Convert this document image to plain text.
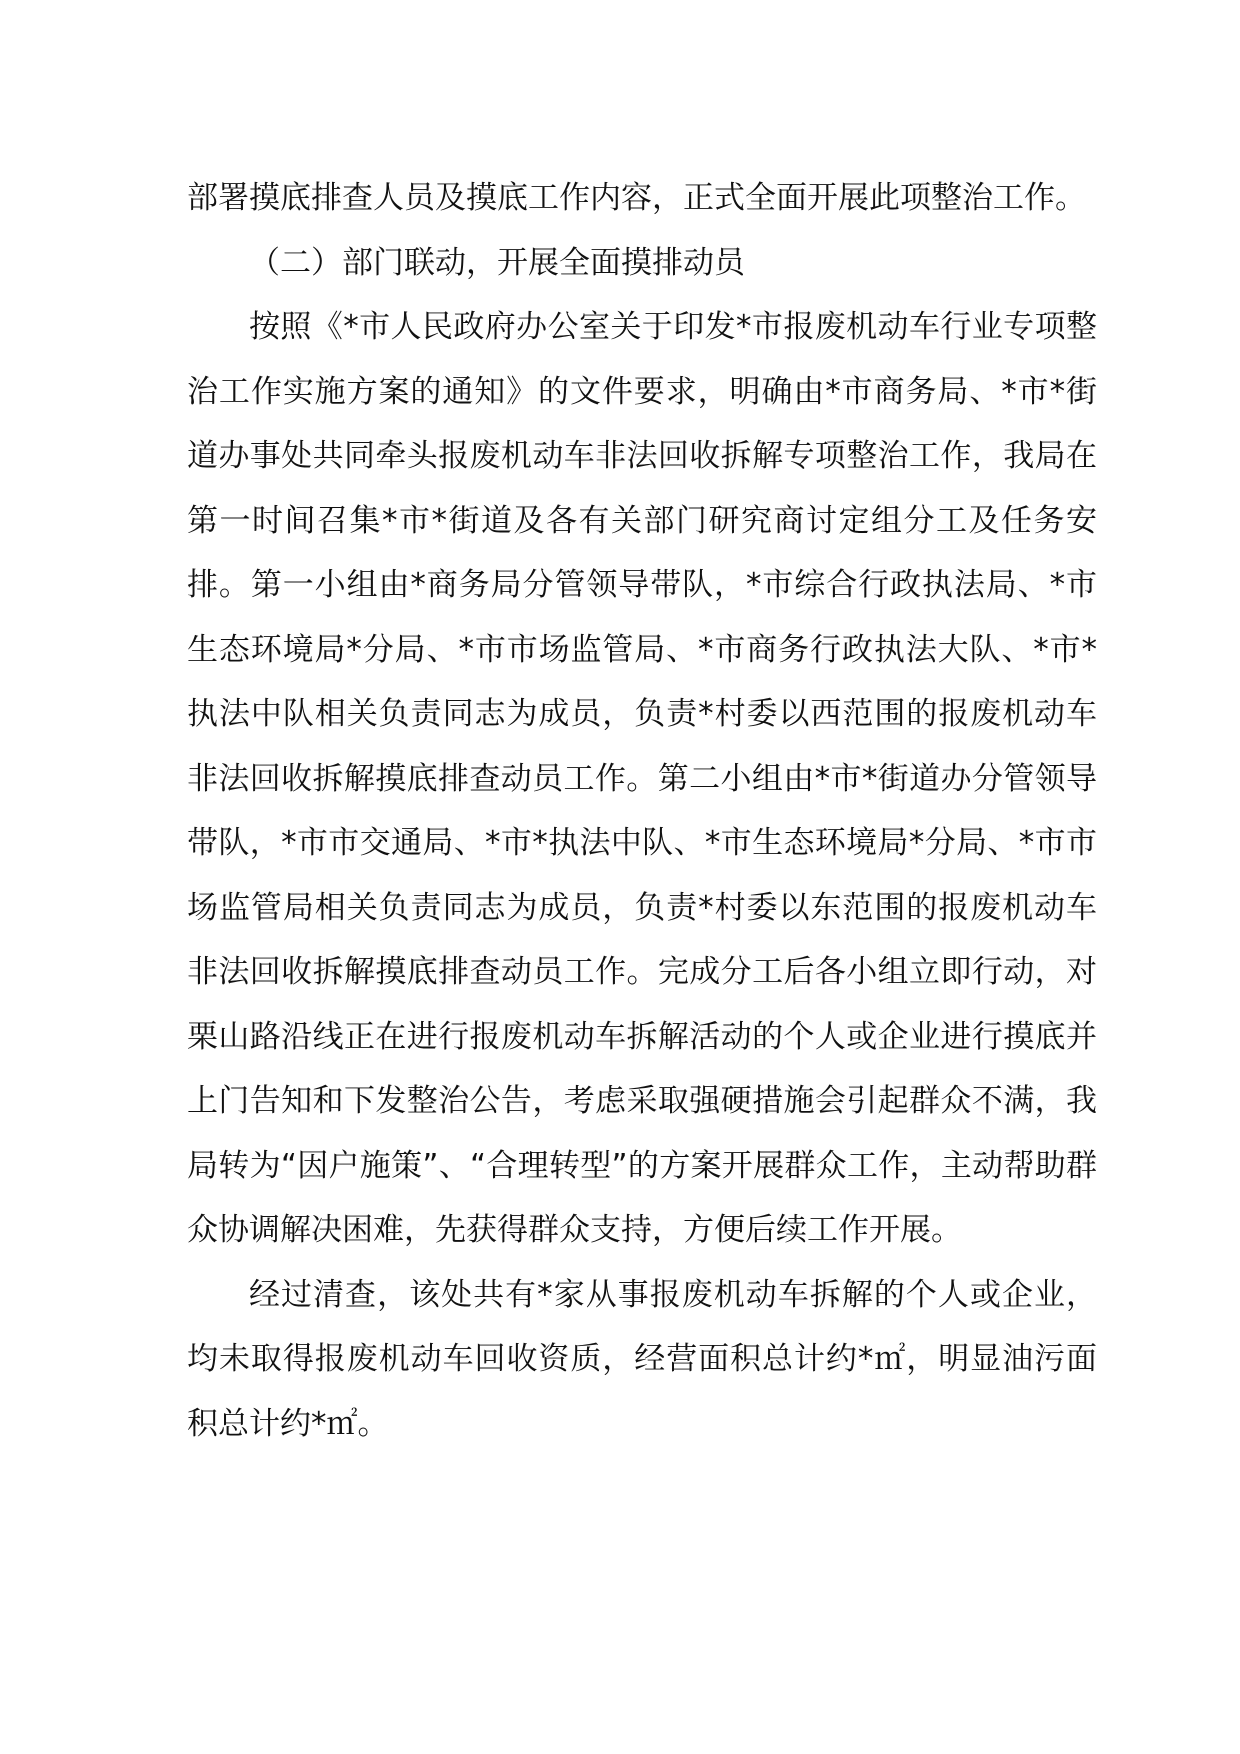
部署摸底排查人员及摸底工作内容，正式全面开展此项整治工作。

（二）部门联动，开展全面摸排动员

按照《*市人民政府办公室关于印发*市报废机动车行业专项整治工作实施方案的通知》的文件要求，明确由*市商务局、*市*街道办事处共同牵头报废机动车非法回收拆解专项整治工作，我局在第一时间召集*市*街道及各有关部门研究商讨定组分工及任务安排。第一小组由*商务局分管领导带队，*市综合行政执法局、*市生态环境局*分局、*市市场监管局、*市商务行政执法大队、*市*执法中队相关负责同志为成员，负责*村委以西范围的报废机动车非法回收拆解摸底排查动员工作。第二小组由*市*街道办分管领导带队，*市市交通局、*市*执法中队、*市生态环境局*分局、*市市场监管局相关负责同志为成员，负责*村委以东范围的报废机动车非法回收拆解摸底排查动员工作。完成分工后各小组立即行动，对栗山路沿线正在进行报废机动车拆解活动的个人或企业进行摸底并上门告知和下发整治公告，考虑采取强硬措施会引起群众不满，我局转为“因户施策”、“合理转型”的方案开展群众工作，主动帮助群众协调解决困难，先获得群众支持，方便后续工作开展。

经过清查，该处共有*家从事报废机动车拆解的个人或企业，均未取得报废机动车回收资质，经营面积总计约*㎡，明显油污面积总计约*㎡。
